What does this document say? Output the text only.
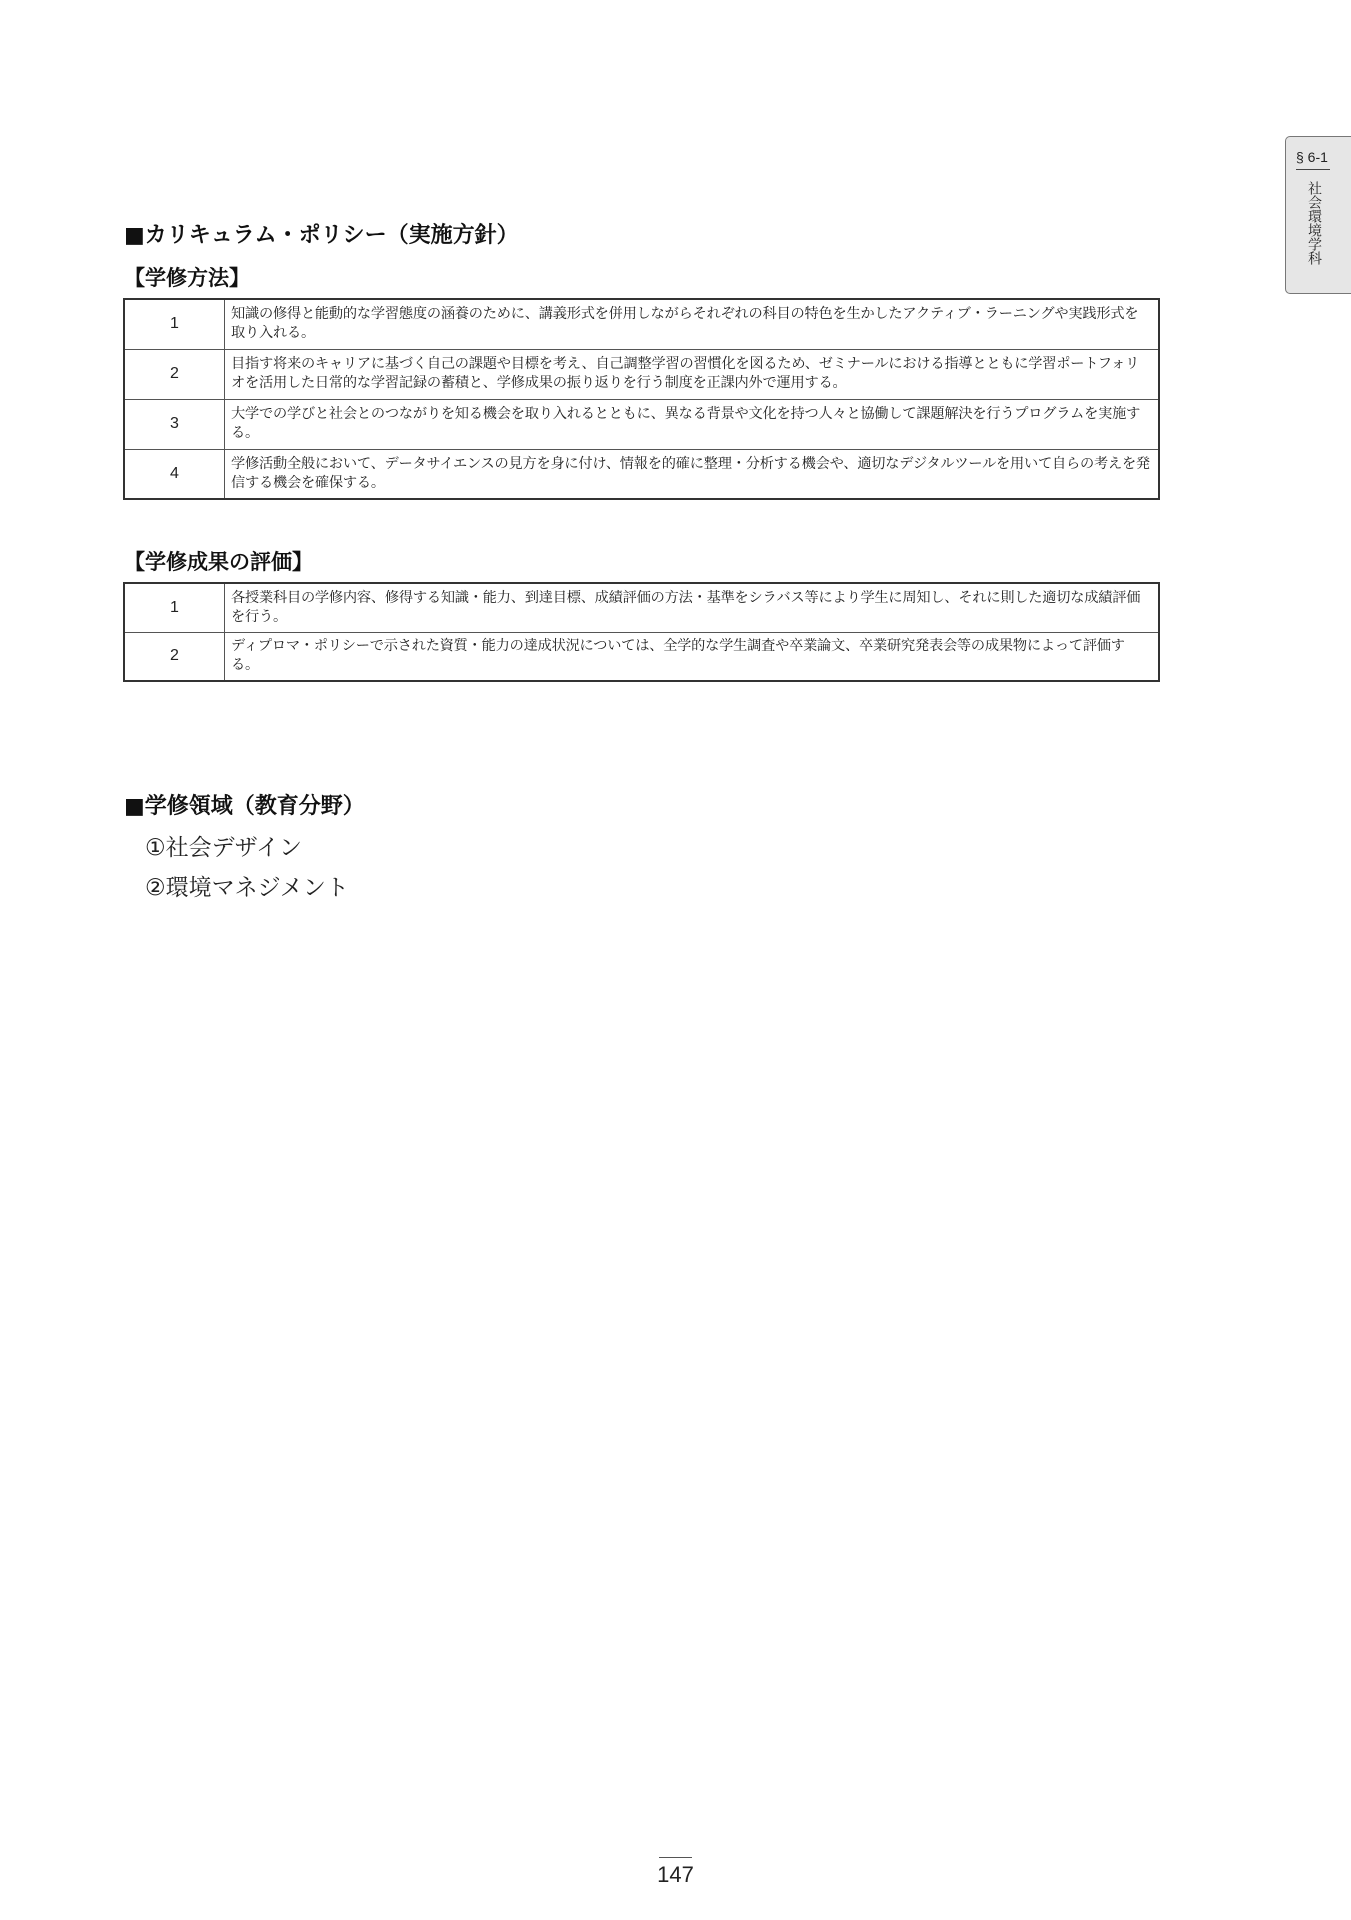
§ 6-1
社会環境学科
■カリキュラム・ポリシー（実施方針）
【学修方法】
1	知識の修得と能動的な学習態度の涵養のために、講義形式を併用しながらそれぞれの科目の特色を生かしたアクティブ・ラーニングや実践形式を取り入れる。
2	目指す将来のキャリアに基づく自己の課題や目標を考え、自己調整学習の習慣化を図るため、ゼミナールにおける指導とともに学習ポートフォリオを活用した日常的な学習記録の蓄積と、学修成果の振り返りを行う制度を正課内外で運用する。
3	大学での学びと社会とのつながりを知る機会を取り入れるとともに、異なる背景や文化を持つ人々と協働して課題解決を行うプログラムを実施する。
4	学修活動全般において、データサイエンスの見方を身に付け、情報を的確に整理・分析する機会や、適切なデジタルツールを用いて自らの考えを発信する機会を確保する。
【学修成果の評価】
1	各授業科目の学修内容、修得する知識・能力、到達目標、成績評価の方法・基準をシラバス等により学生に周知し、それに則した適切な成績評価を行う。
2	ディプロマ・ポリシーで示された資質・能力の達成状況については、全学的な学生調査や卒業論文、卒業研究発表会等の成果物によって評価する。
■学修領域（教育分野）
①社会デザイン
②環境マネジメント
147
